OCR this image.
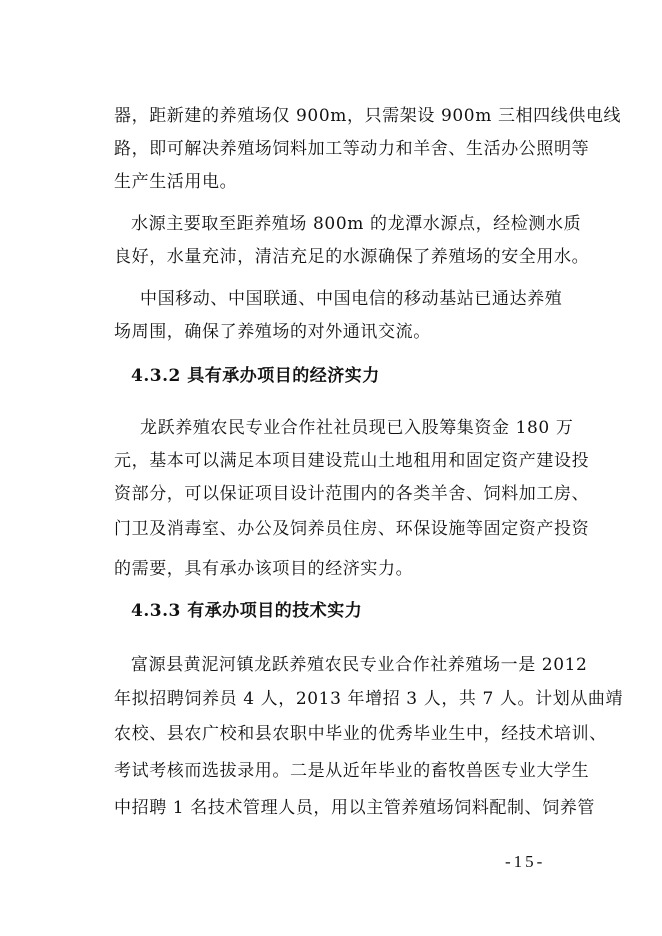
器，距新建的养殖场仅 900m，只需架设 900m 三相四线供电线
路，即可解决养殖场饲料加工等动力和羊舍、生活办公照明等
生产生活用电。
水源主要取至距养殖场 800m 的龙潭水源点，经检测水质
良好，水量充沛，清洁充足的水源确保了养殖场的安全用水。
中国移动、中国联通、中国电信的移动基站已通达养殖
场周围，确保了养殖场的对外通讯交流。
4.3.2 具有承办项目的经济实力
龙跃养殖农民专业合作社社员现已入股筹集资金 180 万
元，基本可以满足本项目建设荒山土地租用和固定资产建设投
资部分，可以保证项目设计范围内的各类羊舍、饲料加工房、
门卫及消毒室、办公及饲养员住房、环保设施等固定资产投资
的需要，具有承办该项目的经济实力。
4.3.3 有承办项目的技术实力
富源县黄泥河镇龙跃养殖农民专业合作社养殖场一是 2012
年拟招聘饲养员 4 人，2013 年增招 3 人，共 7 人。计划从曲靖
农校、县农广校和县农职中毕业的优秀毕业生中，经技术培训、
考试考核而选拔录用。二是从近年毕业的畜牧兽医专业大学生
中招聘 1 名技术管理人员，用以主管养殖场饲料配制、饲养管
-15-
